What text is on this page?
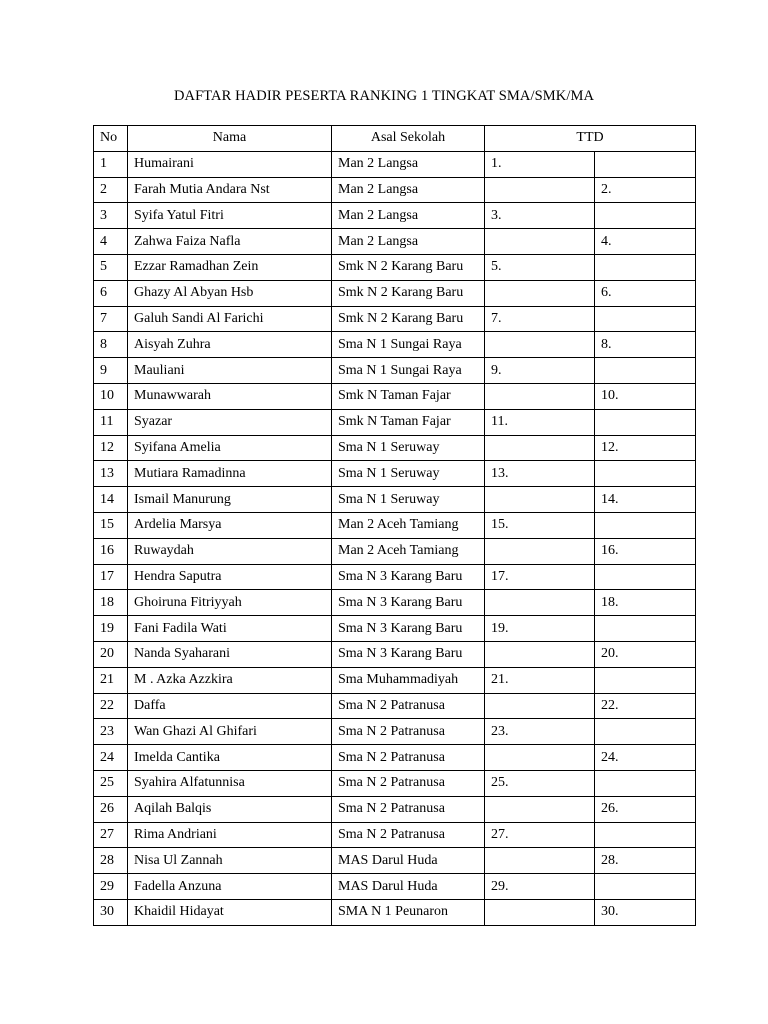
DAFTAR HADIR PESERTA RANKING 1 TINGKAT SMA/SMK/MA
No	Nama	Asal Sekolah	TTD	
1	Humairani	Man 2 Langsa	1.	
2	Farah Mutia Andara Nst	Man 2 Langsa		2.
3	Syifa Yatul Fitri	Man 2 Langsa	3.	
4	Zahwa Faiza Nafla	Man 2 Langsa		4.
5	Ezzar Ramadhan Zein	Smk N 2 Karang Baru	5.	
6	Ghazy Al Abyan Hsb	Smk N 2 Karang Baru		6.
7	Galuh Sandi Al Farichi	Smk N 2 Karang Baru	7.	
8	Aisyah Zuhra	Sma N 1 Sungai Raya		8.
9	Mauliani	Sma N 1 Sungai Raya	9.	
10	Munawwarah	Smk N Taman Fajar		10.
11	Syazar	Smk N Taman Fajar	11.	
12	Syifana Amelia	Sma N 1 Seruway		12.
13	Mutiara Ramadinna	Sma N 1 Seruway	13.	
14	Ismail Manurung	Sma N 1 Seruway		14.
15	Ardelia Marsya	Man 2 Aceh Tamiang	15.	
16	Ruwaydah	Man 2 Aceh Tamiang		16.
17	Hendra Saputra	Sma N 3 Karang Baru	17.	
18	Ghoiruna Fitriyyah	Sma N 3 Karang Baru		18.
19	Fani Fadila Wati	Sma N 3 Karang Baru	19.	
20	Nanda Syaharani	Sma N 3 Karang Baru		20.
21	M . Azka Azzkira	Sma Muhammadiyah	21.	
22	Daffa	Sma N 2 Patranusa		22.
23	Wan Ghazi Al Ghifari	Sma N 2 Patranusa	23.	
24	Imelda Cantika	Sma N 2 Patranusa		24.
25	Syahira Alfatunnisa	Sma N 2 Patranusa	25.	
26	Aqilah Balqis	Sma N 2 Patranusa		26.
27	Rima Andriani	Sma N 2 Patranusa	27.	
28	Nisa Ul Zannah	MAS Darul Huda		28.
29	Fadella Anzuna	MAS Darul Huda	29.	
30	Khaidil Hidayat	SMA N 1 Peunaron		30.
